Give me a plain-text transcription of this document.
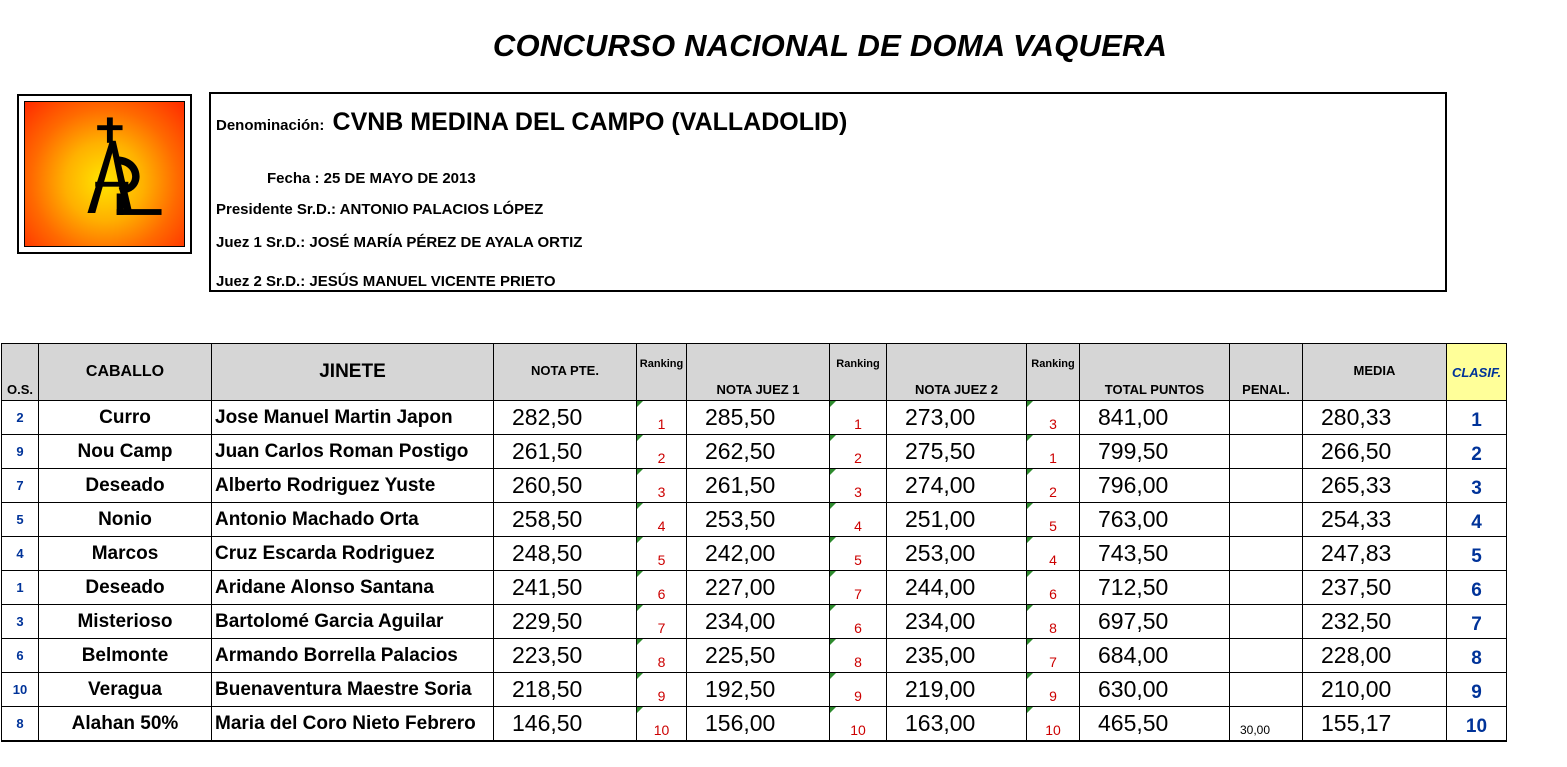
CONCURSO NACIONAL DE DOMA VAQUERA
Denominación: CVNB MEDINA DEL CAMPO (VALLADOLID)
Fecha : 25 DE MAYO DE 2013
Presidente Sr.D.: ANTONIO PALACIOS LÓPEZ
Juez 1 Sr.D.: JOSÉ MARÍA PÉREZ DE AYALA ORTIZ
Juez 2 Sr.D.: JESÚS MANUEL VICENTE PRIETO
O.S.	CABALLO	JINETE	NOTA PTE.	Ranking	NOTA JUEZ 1	Ranking	NOTA JUEZ 2	Ranking	TOTAL PUNTOS	PENAL.	MEDIA	CLASIF.
2	Curro	Jose Manuel Martin Japon	282,50	1	285,50	1	273,00	3	841,00		280,33	1
9	Nou Camp	Juan Carlos Roman Postigo	261,50	2	262,50	2	275,50	1	799,50		266,50	2
7	Deseado	Alberto Rodriguez Yuste	260,50	3	261,50	3	274,00	2	796,00		265,33	3
5	Nonio	Antonio Machado Orta	258,50	4	253,50	4	251,00	5	763,00		254,33	4
4	Marcos	Cruz Escarda Rodriguez	248,50	5	242,00	5	253,00	4	743,50		247,83	5
1	Deseado	Aridane Alonso Santana	241,50	6	227,00	7	244,00	6	712,50		237,50	6
3	Misterioso	Bartolomé Garcia Aguilar	229,50	7	234,00	6	234,00	8	697,50		232,50	7
6	Belmonte	Armando Borrella Palacios	223,50	8	225,50	8	235,00	7	684,00		228,00	8
10	Veragua	Buenaventura Maestre Soria	218,50	9	192,50	9	219,00	9	630,00		210,00	9
8	Alahan 50%	Maria del Coro Nieto Febrero	146,50	10	156,00	10	163,00	10	465,50	30,00	155,17	10
